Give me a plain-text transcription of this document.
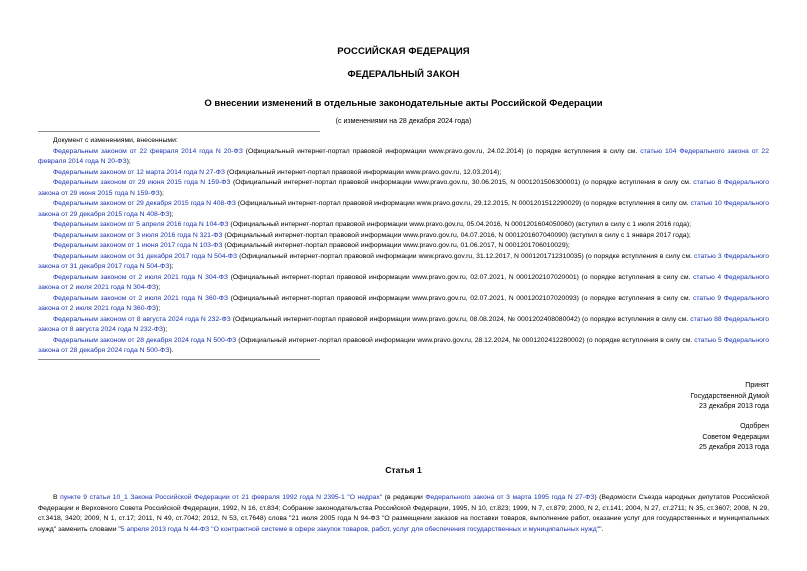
РОССИЙСКАЯ ФЕДЕРАЦИЯ
ФЕДЕРАЛЬНЫЙ ЗАКОН
О внесении изменений в отдельные законодательные акты Российской Федерации
(с изменениями на 28 декабря 2024 года)
Документ с изменениями, внесенными:
Федеральным законом от 22 февраля 2014 года N 20-ФЗ (Официальный интернет-портал правовой информации www.pravo.gov.ru, 24.02.2014) (о порядке вступления в силу см. статью 104 Федерального закона от 22 февраля 2014 года N 20-ФЗ);
Федеральным законом от 12 марта 2014 года N 27-ФЗ (Официальный интернет-портал правовой информации www.pravo.gov.ru, 12.03.2014);
Федеральным законом от 29 июня 2015 года N 159-ФЗ (Официальный интернет-портал правовой информации www.pravo.gov.ru, 30.06.2015, N 0001201506300001) (о порядке вступления в силу см. статью 8 Федерального закона от 29 июня 2015 года N 159-ФЗ);
Федеральным законом от 29 декабря 2015 года N 408-ФЗ (Официальный интернет-портал правовой информации www.pravo.gov.ru, 29.12.2015, N 0001201512290029) (о порядке вступления в силу см. статью 10 Федерального закона от 29 декабря 2015 года N 408-ФЗ);
Федеральным законом от 5 апреля 2016 года N 104-ФЗ (Официальный интернет-портал правовой информации www.pravo.gov.ru, 05.04.2016, N 0001201604050060) (вступил в силу с 1 июля 2016 года);
Федеральным законом от 3 июля 2016 года N 321-ФЗ (Официальный интернет-портал правовой информации www.pravo.gov.ru, 04.07.2016, N 0001201607040090) (вступил в силу с 1 января 2017 года);
Федеральным законом от 1 июня 2017 года N 103-ФЗ (Официальный интернет-портал правовой информации www.pravo.gov.ru, 01.06.2017, N 0001201706010029);
Федеральным законом от 31 декабря 2017 года N 504-ФЗ (Официальный интернет-портал правовой информации www.pravo.gov.ru, 31.12.2017, N 0001201712310035) (о порядке вступления в силу см. статью 3 Федерального закона от 31 декабря 2017 года N 504-ФЗ);
Федеральным законом от 2 июля 2021 года N 304-ФЗ (Официальный интернет-портал правовой информации www.pravo.gov.ru, 02.07.2021, N 0001202107020001) (о порядке вступления в силу см. статью 4 Федерального закона от 2 июля 2021 года N 304-ФЗ);
Федеральным законом от 2 июля 2021 года N 360-ФЗ (Официальный интернет-портал правовой информации www.pravo.gov.ru, 02.07.2021, N 0001202107020093) (о порядке вступления в силу см. статью 9 Федерального закона от 2 июля 2021 года N 360-ФЗ);
Федеральным законом от 8 августа 2024 года N 232-ФЗ (Официальный интернет-портал правовой информации www.pravo.gov.ru, 08.08.2024, № 0001202408080042) (о порядке вступления в силу см. статью 88 Федерального закона от 8 августа 2024 года N 232-ФЗ);
Федеральным законом от 28 декабря 2024 года N 500-ФЗ (Официальный интернет-портал правовой информации www.pravo.gov.ru, 28.12.2024, № 0001202412280002) (о порядке вступления в силу см. статью 5 Федерального закона от 28 декабря 2024 года N 500-ФЗ).
Принят
Государственной Думой
23 декабря 2013 года
Одобрен
Советом Федерации
25 декабря 2013 года
Статья 1
В пункте 9 статьи 10_1 Закона Российской Федерации от 21 февраля 1992 года N 2395-1 "О недрах" (в редакции Федерального закона от 3 марта 1995 года N 27-ФЗ) (Ведомости Съезда народных депутатов Российской Федерации и Верховного Совета Российской Федерации, 1992, N 16, ст.834; Собрание законодательства Российской Федерации, 1995, N 10, ст.823; 1999, N 7, ст.879; 2000, N 2, ст.141; 2004, N 27, ст.2711; N 35, ст.3607; 2008, N 29, ст.3418, 3420; 2009, N 1, ст.17; 2011, N 49, ст.7042; 2012, N 53, ст.7648) слова "21 июля 2005 года N 94-ФЗ "О размещении заказов на поставки товаров, выполнение работ, оказание услуг для государственных и муниципальных нужд" заменить словами "5 апреля 2013 года N 44-ФЗ "О контрактной системе в сфере закупок товаров, работ, услуг для обеспечения государственных и муниципальных нужд"".
